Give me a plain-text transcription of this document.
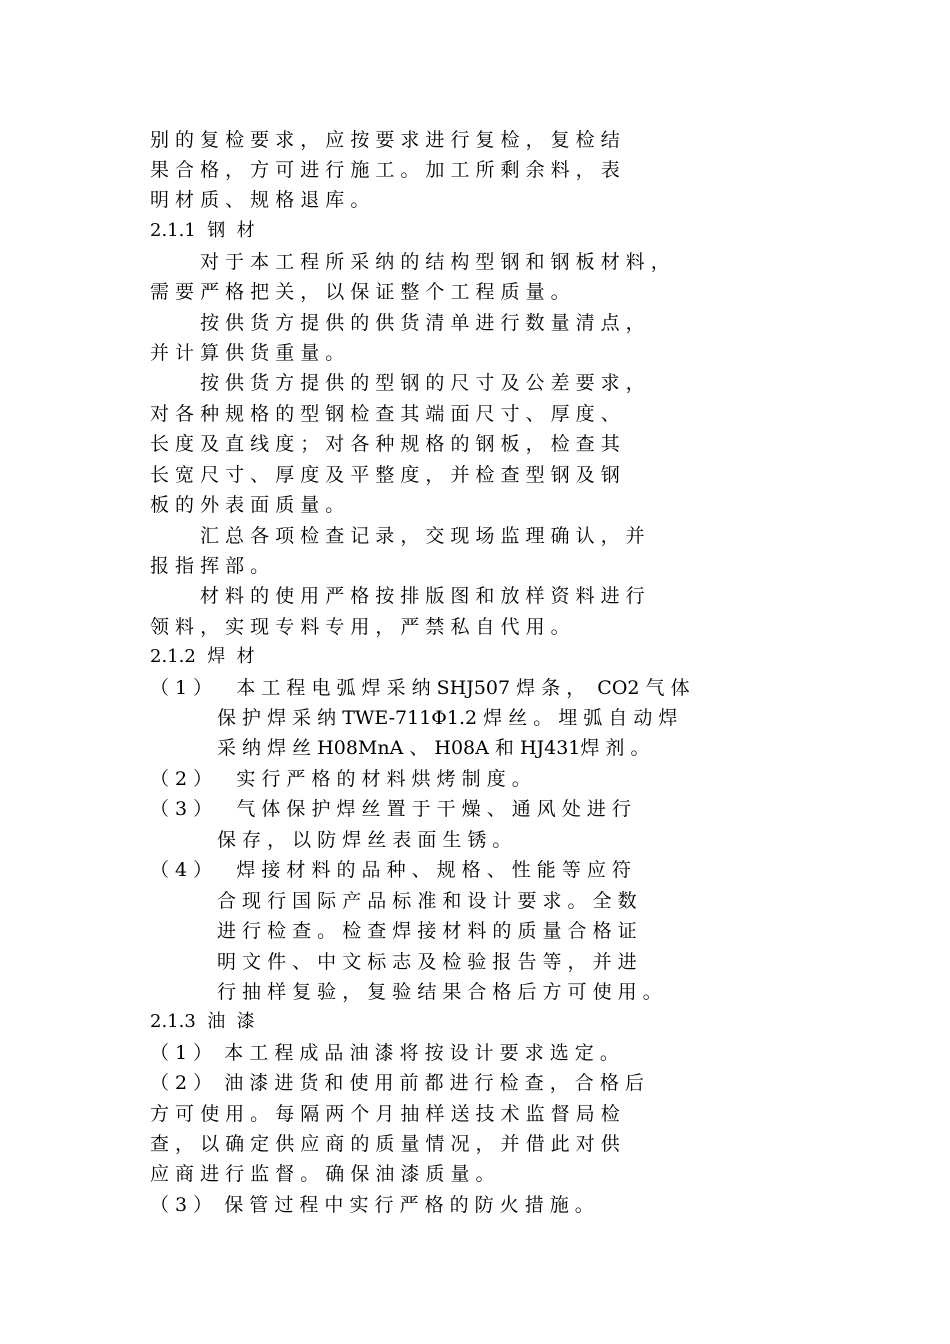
别 的 复 检 要 求 ， 应 按 要 求 进 行 复 检 ， 复 检 结
果 合 格 ， 方 可 进 行 施 工 。 加 工 所 剩 余 料 ， 表
明 材 质 、 规 格 退 库 。
2.1.1  钢  材
对 于 本 工 程 所 采 纳 的 结 构 型 钢 和 钢 板 材 料 ，
需 要 严 格 把 关 ， 以 保 证 整 个 工 程 质 量 。
按 供 货 方 提 供 的 供 货 清 单 进 行 数 量 清 点 ，
并 计 算 供 货 重 量 。
按 供 货 方 提 供 的 型 钢 的 尺 寸 及 公 差 要 求 ，
对 各 种 规 格 的 型 钢 检 查 其 端 面 尺 寸 、 厚 度 、
长 度 及 直 线 度 ； 对 各 种 规 格 的 钢 板 ， 检 查 其
长 宽 尺 寸 、 厚 度 及 平 整 度 ， 并 检 查 型 钢 及 钢
板 的 外 表 面 质 量 。
汇 总 各 项 检 查 记 录 ， 交 现 场 监 理 确 认 ， 并
报 指 挥 部 。
材 料 的 使 用 严 格 按 排 版 图 和 放 样 资 料 进 行
领 料 ， 实 现 专 料 专 用 ， 严 禁 私 自 代 用 。
2.1.2  焊  材
（ 1 ）    本 工 程 电 弧 焊 采 纳 SHJ507 焊 条 ，  CO2 气 体
保 护 焊 采 纳 TWE-711Φ1.2 焊 丝 。 埋 弧 自 动 焊
采 纳 焊 丝 H08MnA 、 H08A 和 HJ431焊 剂 。
（ 2 ）    实 行 严 格 的 材 料 烘 烤 制 度 。
（ 3 ）    气 体 保 护 焊 丝 置 于 干 燥 、 通 风 处 进 行
保 存 ， 以 防 焊 丝 表 面 生 锈 。
（ 4 ）    焊 接 材 料 的 品 种 、 规 格 、 性 能 等 应 符
合 现 行 国 际 产 品 标 准 和 设 计 要 求 。 全 数
进 行 检 查 。 检 查 焊 接 材 料 的 质 量 合 格 证
明 文 件 、 中 文 标 志 及 检 验 报 告 等 ， 并 进
行 抽 样 复 验 ， 复 验 结 果 合 格 后 方 可 使 用 。
2.1.3  油  漆
（ 1 ）  本 工 程 成 品 油 漆 将 按 设 计 要 求 选 定 。
（ 2 ）  油 漆 进 货 和 使 用 前 都 进 行 检 查 ， 合 格 后
方 可 使 用 。 每 隔 两 个 月 抽 样 送 技 术 监 督 局 检
查 ， 以 确 定 供 应 商 的 质 量 情 况 ， 并 借 此 对 供
应 商 进 行 监 督 。 确 保 油 漆 质 量 。
（ 3 ）  保 管 过 程 中 实 行 严 格 的 防 火 措 施 。
